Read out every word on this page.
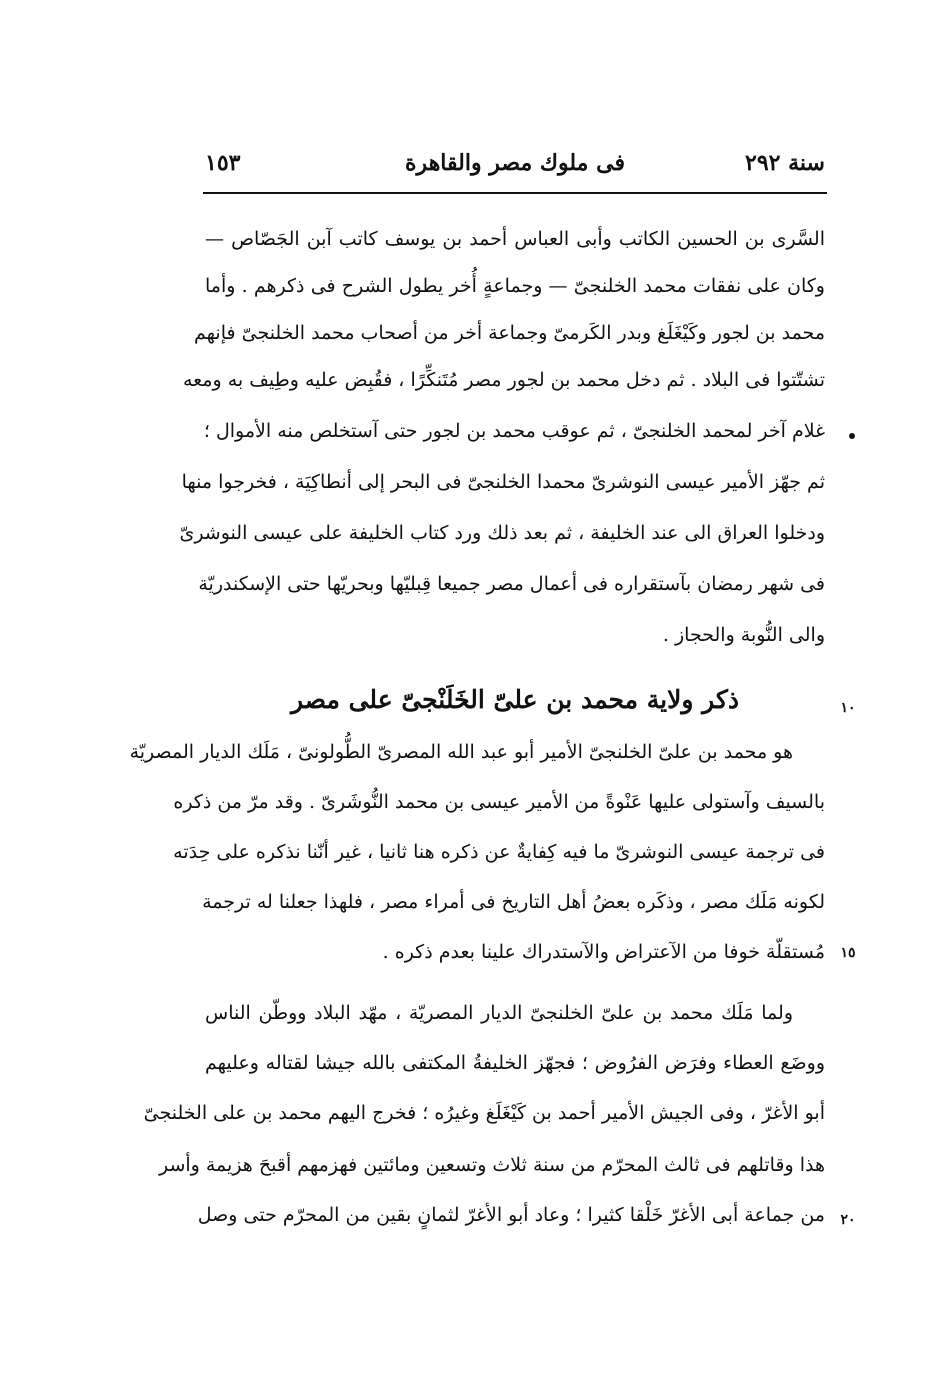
سنة ٢٩٢
فى ملوك مصر والقاهرة
١٥٣
السَّرى بن الحسين الكاتب وأبى العباس أحمد بن يوسف كاتب آبن الجَصّاص —
وكان على نفقات محمد الخلنجىّ — وجماعةٍ أُخر يطول الشرح فى ذكرهم . وأما
محمد بن لجور وكَيْغَلَغ وبدر الكَرمىّ وجماعة أخر من أصحاب محمد الخلنجىّ فإنهم
تشتّتوا فى البلاد . ثم دخل محمد بن لجور مصر مُتَنكِّرًا ، فقُبِض عليه وطِيف به ومعه
غلام آخر لمحمد الخلنجىّ ، ثم عوقب محمد بن لجور حتى آستخلص منه الأموال ؛
ثم جهّز الأمير عيسى النوشرىّ محمدا الخلنجىّ فى البحر إلى أنطاكِيَة ، فخرجوا منها
ودخلوا العراق الى عند الخليفة ، ثم بعد ذلك ورد كتاب الخليفة على عيسى النوشرىّ
فى شهر رمضان بآستقراره فى أعمال مصر جميعا قِبليّها وبحريّها حتى الإسكندريّة
والى النُّوبة والحجاز .
ذكر ولاية محمد بن علىّ الخَلَنْجىّ على مصر	١٠
هو محمد بن علىّ الخلنجىّ الأمير أبو عبد الله المصرىّ الطُّولونىّ ، مَلَك الديار المصريّة
بالسيف وآستولى عليها عَنْوةً من الأمير عيسى بن محمد النُّوشَرىّ . وقد مرّ من ذكره
فى ترجمة عيسى النوشرىّ ما فيه كِفايةٌ عن ذكره هنا ثانيا ، غير أنّنا نذكره على حِدَته
لكونه مَلَك مصر ، وذكَره بعضُ أهل التاريخ فى أمراء مصر ، فلهذا جعلنا له ترجمة
مُستقلّة خوفا من الآعتراض والآستدراك علينا بعدم ذكره .	١٥
ولما مَلَك محمد بن علىّ الخلنجىّ الديار المصريّة ، مهّد البلاد ووطّن الناس
ووضَع العطاء وفرَض الفرُوض ؛ فجهّز الخليفةُ المكتفى بالله جيشا لقتاله وعليهم
أبو الأغرّ ، وفى الجيش الأمير أحمد بن كَيْغَلَغ وغيرُه ؛ فخرج اليهم محمد بن على الخلنجىّ
هذا وقاتلهم فى ثالث المحرّم من سنة ثلاث وتسعين ومائتين فهزمهم أقبحَ هزيمة وأسر
من جماعة أبى الأغرّ خَلْقا كثيرا ؛ وعاد أبو الأغرّ لثمانٍ بقين من المحرّم حتى وصل	٢٠
